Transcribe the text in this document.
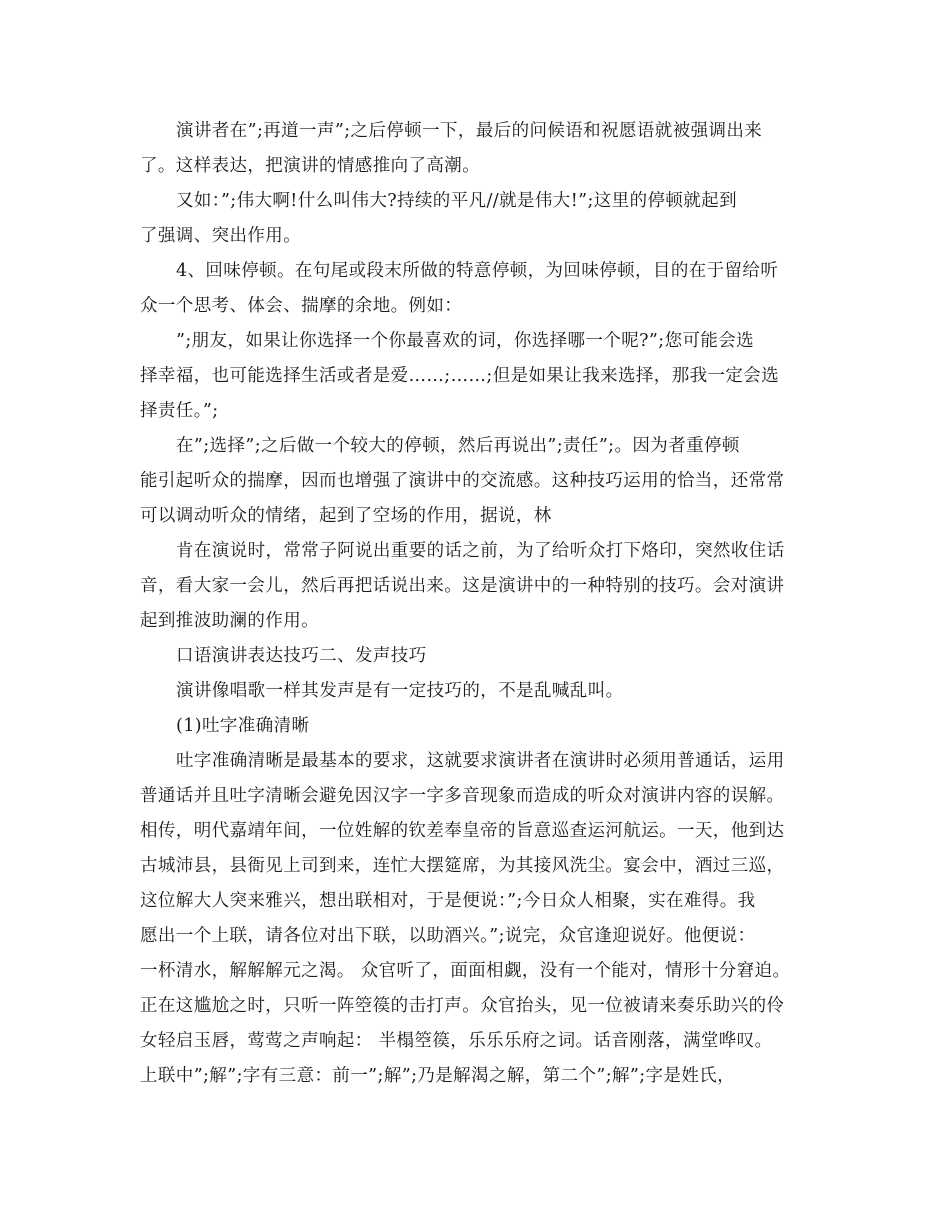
演讲者在”;再道一声”;之后停顿一下，最后的问候语和祝愿语就被强调出来
了。这样表达，把演讲的情感推向了高潮。
又如：”;伟大啊!什么叫伟大?持续的平凡//就是伟大!”;这里的停顿就起到
了强调、突出作用。
4、回味停顿。在句尾或段末所做的特意停顿，为回味停顿，目的在于留给听
众一个思考、体会、揣摩的余地。例如：
”;朋友，如果让你选择一个你最喜欢的词，你选择哪一个呢?”;您可能会选
择幸福，也可能选择生活或者是爱……;……;但是如果让我来选择，那我一定会选
择责任。”;
在”;选择”;之后做一个较大的停顿，然后再说出”;责任”;。因为者重停顿
能引起听众的揣摩，因而也增强了演讲中的交流感。这种技巧运用的恰当，还常常
可以调动听众的情绪，起到了空场的作用，据说，林
肯在演说时，常常子阿说出重要的话之前，为了给听众打下烙印，突然收住话
音，看大家一会儿，然后再把话说出来。这是演讲中的一种特别的技巧。会对演讲
起到推波助澜的作用。
口语演讲表达技巧二、发声技巧
演讲像唱歌一样其发声是有一定技巧的，不是乱喊乱叫。
(1)吐字准确清晰
吐字准确清晰是最基本的要求，这就要求演讲者在演讲时必须用普通话，运用
普通话并且吐字清晰会避免因汉字一字多音现象而造成的听众对演讲内容的误解。
相传，明代嘉靖年间，一位姓解的钦差奉皇帝的旨意巡查运河航运。一天，他到达
古城沛县，县衙见上司到来，连忙大摆筵席，为其接风洗尘。宴会中，酒过三巡，
这位解大人突来雅兴，想出联相对，于是便说：”;今日众人相聚，实在难得。我
愿出一个上联，请各位对出下联，以助酒兴。”;说完，众官逢迎说好。他便说：
一杯清水，解解解元之渴。 众官听了，面面相觑，没有一个能对，情形十分窘迫。
正在这尴尬之时，只听一阵箜篌的击打声。众官抬头，见一位被请来奏乐助兴的伶
女轻启玉唇，莺莺之声响起： 半榻箜篌，乐乐乐府之词。话音刚落，满堂哗叹。
上联中”;解”;字有三意：前一”;解”;乃是解渴之解，第二个”;解”;字是姓氏，
